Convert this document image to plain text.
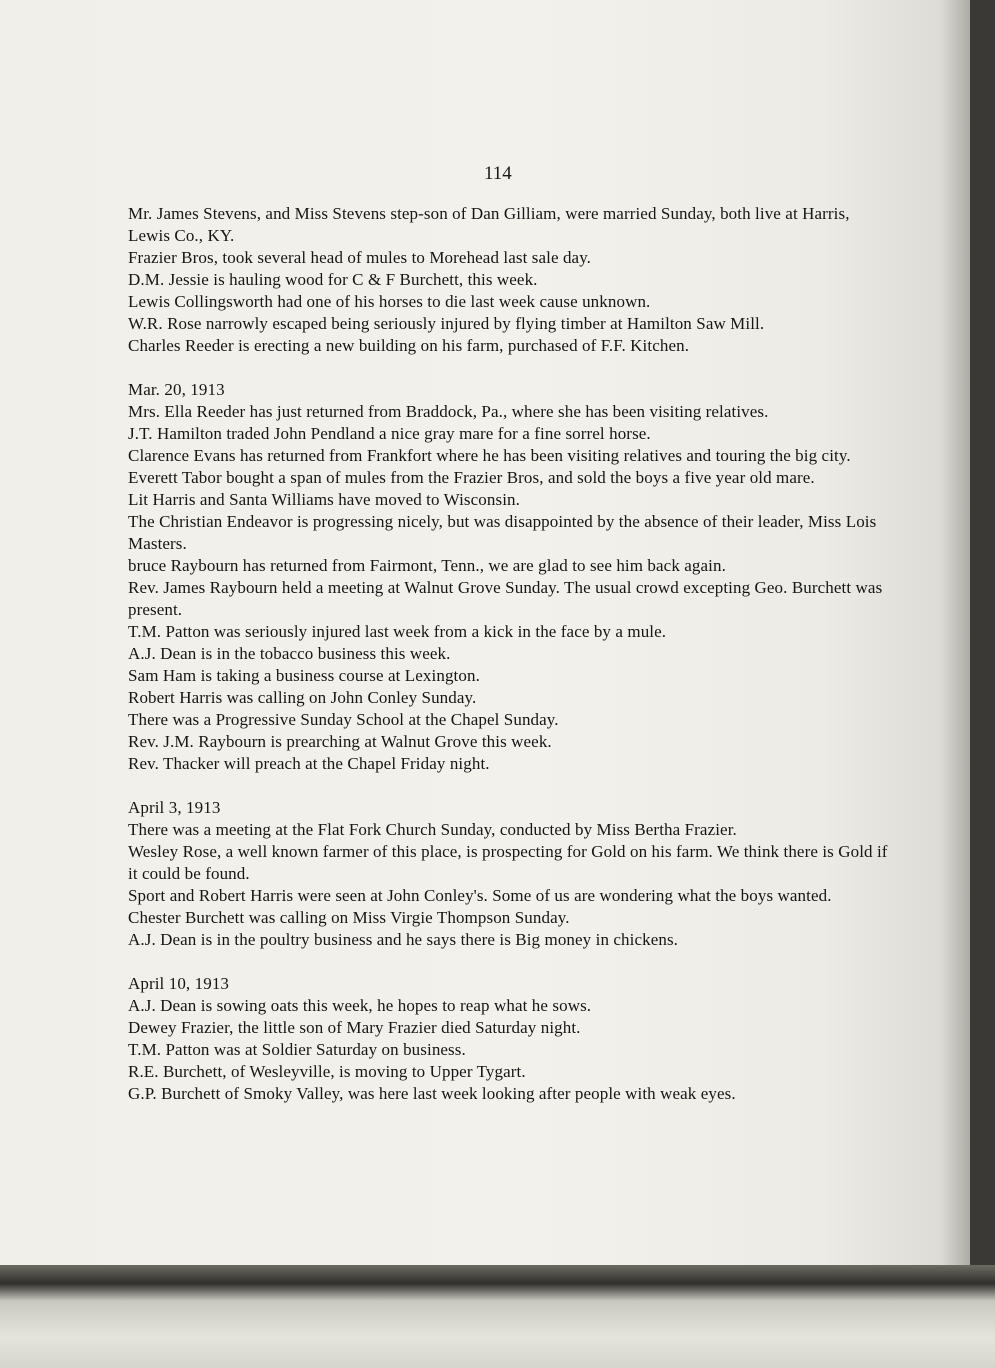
114

Mr. James Stevens, and Miss Stevens step-son of Dan Gilliam, were married Sunday, both live at Harris, Lewis Co., KY.

Frazier Bros, took several head of mules to Morehead last sale day.

D.M. Jessie is hauling wood for C & F Burchett, this week.

Lewis Collingsworth had one of his horses to die last week cause unknown.

W.R. Rose narrowly escaped being seriously injured by flying timber at Hamilton Saw Mill.

Charles Reeder is erecting a new building on his farm, purchased of F.F. Kitchen.

Mar. 20, 1913

Mrs. Ella Reeder has just returned from Braddock, Pa., where she has been visiting relatives.

J.T. Hamilton traded John Pendland a nice gray mare for a fine sorrel horse.

Clarence Evans has returned from Frankfort where he has been visiting relatives and touring the big city.

Everett Tabor bought a span of mules from the Frazier Bros, and sold the boys a five year old mare.

Lit Harris and Santa Williams have moved to Wisconsin.

The Christian Endeavor is progressing nicely, but was disappointed by the absence of their leader, Miss Lois Masters.

bruce Raybourn has returned from Fairmont, Tenn., we are glad to see him back again.

Rev. James Raybourn held a meeting at Walnut Grove Sunday. The usual crowd excepting Geo. Burchett was present.

T.M. Patton was seriously injured last week from a kick in the face by a mule.

A.J. Dean is in the tobacco business this week.

Sam Ham is taking a business course at Lexington.

Robert Harris was calling on John Conley Sunday.

There was a Progressive Sunday School at the Chapel Sunday.

Rev. J.M. Raybourn is prearching at Walnut Grove this week.

Rev. Thacker will preach at the Chapel Friday night.

April 3, 1913

There was a meeting at the Flat Fork Church Sunday, conducted by Miss Bertha Frazier.

Wesley Rose, a well known farmer of this place, is prospecting for Gold on his farm. We think there is Gold if it could be found.

Sport and Robert Harris were seen at John Conley's. Some of us are wondering what the boys wanted.

Chester Burchett was calling on Miss Virgie Thompson Sunday.

A.J. Dean is in the poultry business and he says there is Big money in chickens.

April 10, 1913

A.J. Dean is sowing oats this week, he hopes to reap what he sows.

Dewey Frazier, the little son of Mary Frazier died Saturday night.

T.M. Patton was at Soldier Saturday on business.

R.E. Burchett, of Wesleyville, is moving to Upper Tygart.

G.P. Burchett of Smoky Valley, was here last week looking after people with weak eyes.
